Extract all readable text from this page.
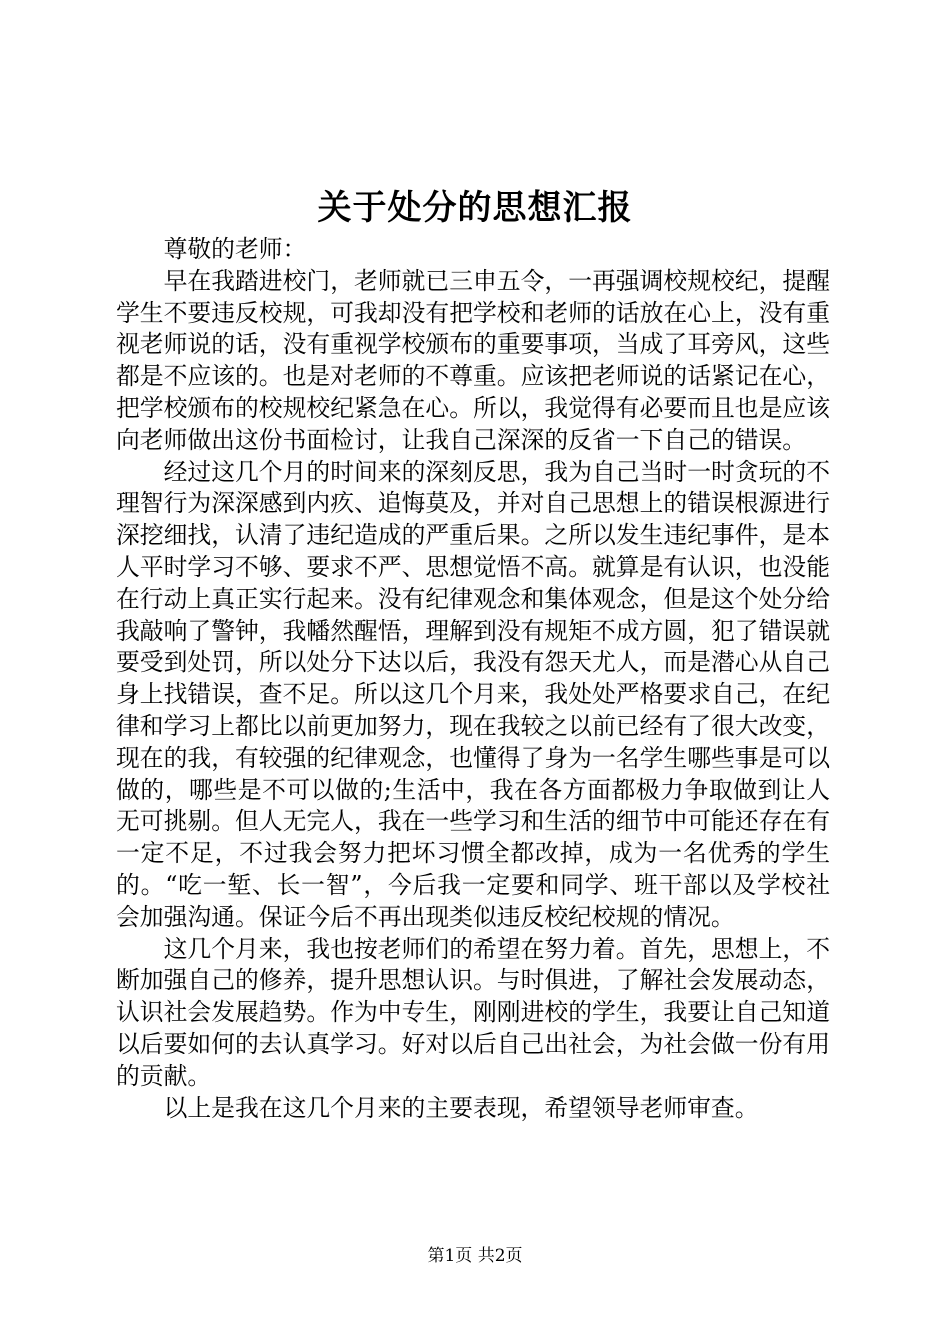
关于处分的思想汇报

尊敬的老师：

早在我踏进校门，老师就已三申五令，一再强调校规校纪，提醒学生不要违反校规，可我却没有把学校和老师的话放在心上，没有重视老师说的话，没有重视学校颁布的重要事项，当成了耳旁风，这些都是不应该的。也是对老师的不尊重。应该把老师说的话紧记在心，把学校颁布的校规校纪紧急在心。所以，我觉得有必要而且也是应该向老师做出这份书面检讨，让我自己深深的反省一下自己的错误。

经过这几个月的时间来的深刻反思，我为自己当时一时贪玩的不理智行为深深感到内疚、追悔莫及，并对自己思想上的错误根源进行深挖细找，认清了违纪造成的严重后果。之所以发生违纪事件，是本人平时学习不够、要求不严、思想觉悟不高。就算是有认识，也没能在行动上真正实行起来。没有纪律观念和集体观念，但是这个处分给我敲响了警钟，我幡然醒悟，理解到没有规矩不成方圆，犯了错误就要受到处罚，所以处分下达以后，我没有怨天尤人，而是潜心从自己身上找错误，查不足。所以这几个月来，我处处严格要求自己，在纪律和学习上都比以前更加努力，现在我较之以前已经有了很大改变，现在的我，有较强的纪律观念，也懂得了身为一名学生哪些事是可以做的，哪些是不可以做的;生活中，我在各方面都极力争取做到让人无可挑剔。但人无完人，我在一些学习和生活的细节中可能还存在有一定不足，不过我会努力把坏习惯全都改掉，成为一名优秀的学生的。“吃一堑、长一智”，今后我一定要和同学、班干部以及学校社会加强沟通。保证今后不再出现类似违反校纪校规的情况。

这几个月来，我也按老师们的希望在努力着。首先，思想上，不断加强自己的修养，提升思想认识。与时俱进，了解社会发展动态，认识社会发展趋势。作为中专生，刚刚进校的学生，我要让自己知道以后要如何的去认真学习。好对以后自己出社会，为社会做一份有用的贡献。

以上是我在这几个月来的主要表现，希望领导老师审查。

第1页 共2页
